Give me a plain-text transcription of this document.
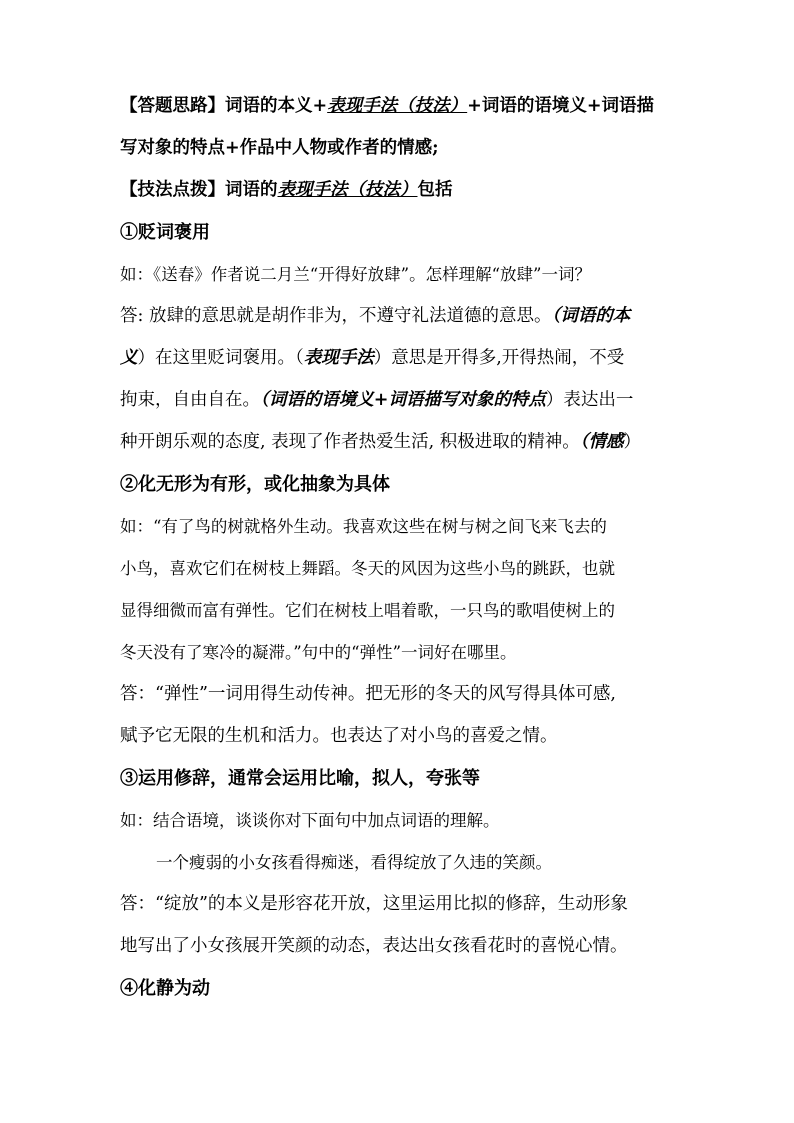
【答题思路】词语的本义+表现手法（技法）+词语的语境义+词语描
写对象的特点+作品中人物或作者的情感;
【技法点拨】词语的表现手法（技法）包括
①贬词褒用
如：《送春》作者说二月兰“开得好放肆”。怎样理解“放肆”一词？
答: 放肆的意思就是胡作非为，不遵守礼法道德的意思。（词语的本
义）在这里贬词褒用。（表现手法）意思是开得多,开得热闹，不受
拘束，自由自在。（词语的语境义+词语描写对象的特点）表达出一
种开朗乐观的态度, 表现了作者热爱生活, 积极进取的精神。（情感）
②化无形为有形，或化抽象为具体
如：“有了鸟的树就格外生动。我喜欢这些在树与树之间飞来飞去的
小鸟，喜欢它们在树枝上舞蹈。冬天的风因为这些小鸟的跳跃，也就
显得细微而富有弹性。它们在树枝上唱着歌，一只鸟的歌唱使树上的
冬天没有了寒冷的凝滞。”句中的“弹性”一词好在哪里。
答：“弹性”一词用得生动传神。把无形的冬天的风写得具体可感,
赋予它无限的生机和活力。也表达了对小鸟的喜爱之情。
③运用修辞，通常会运用比喻，拟人，夸张等
如：结合语境，谈谈你对下面句中加点词语的理解。
一个瘦弱的小女孩看得痴迷，看得绽放了久违的笑颜。
答：“绽放”的本义是形容花开放，这里运用比拟的修辞，生动形象
地写出了小女孩展开笑颜的动态，表达出女孩看花时的喜悦心情。
④化静为动
